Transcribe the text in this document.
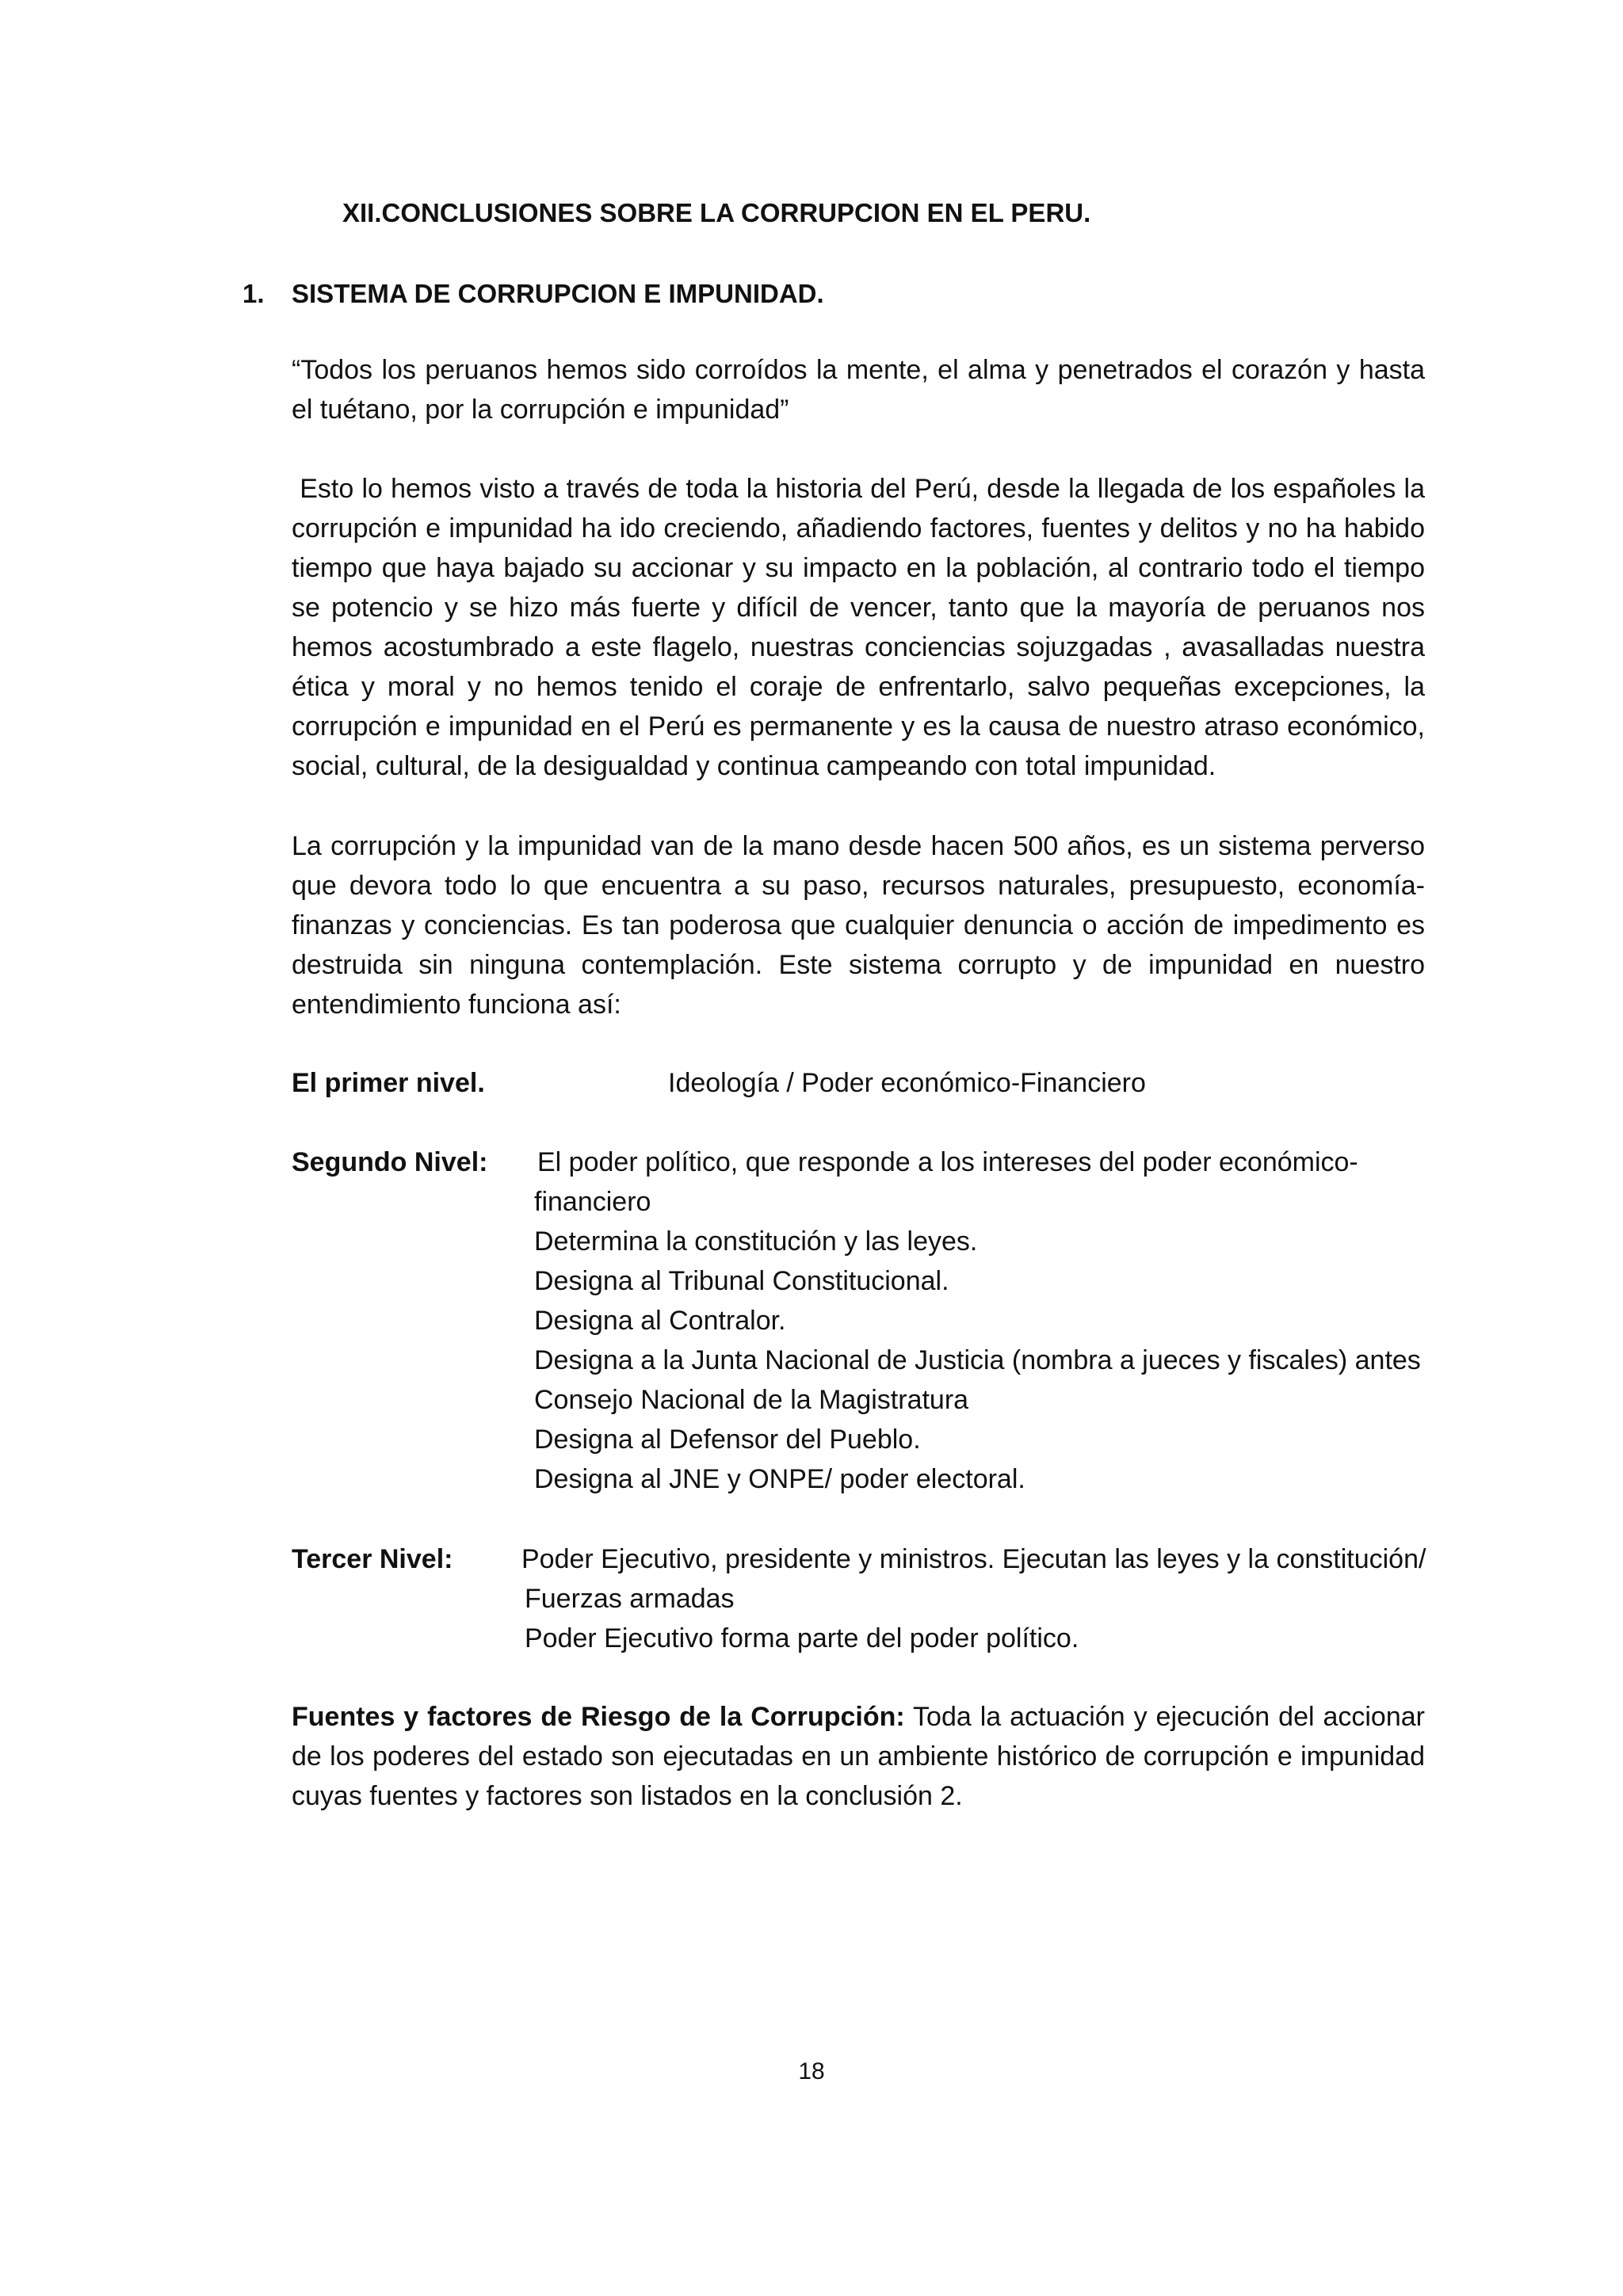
XII.CONCLUSIONES SOBRE LA CORRUPCION EN EL PERU.
1. SISTEMA DE CORRUPCION E IMPUNIDAD.
“Todos los peruanos hemos sido corroídos la mente, el alma y penetrados el corazón y hasta el tuétano, por la corrupción e impunidad”
Esto lo hemos visto a través de toda la historia del Perú, desde la llegada de los españoles la corrupción e impunidad ha ido creciendo, añadiendo factores, fuentes y delitos y no ha habido tiempo que haya bajado su accionar y su impacto en la población, al contrario todo el tiempo se potencio y se hizo más fuerte y difícil de vencer, tanto que la mayoría de peruanos nos hemos acostumbrado a este flagelo, nuestras conciencias sojuzgadas , avasalladas nuestra ética y moral y no hemos tenido el coraje de enfrentarlo, salvo pequeñas excepciones, la corrupción e impunidad en el Perú es permanente y es la causa de nuestro atraso económico, social, cultural, de la desigualdad y continua campeando con total impunidad.
La corrupción y la impunidad van de la mano desde hacen 500 años, es un sistema perverso que devora todo lo que encuentra a su paso, recursos naturales, presupuesto, economía-finanzas y conciencias. Es tan poderosa que cualquier denuncia o acción de impedimento es destruida sin ninguna contemplación. Este sistema corrupto y de impunidad en nuestro entendimiento funciona así:
El primer nivel.	Ideología / Poder económico-Financiero
Segundo Nivel: El poder político, que responde a los intereses del poder económico-
financiero
Determina la constitución y las leyes.
Designa al Tribunal Constitucional.
Designa al Contralor.
Designa a la Junta Nacional de Justicia (nombra a jueces y fiscales) antes
Consejo Nacional de la Magistratura
Designa al Defensor del Pueblo.
Designa al JNE y ONPE/ poder electoral.
Tercer Nivel:	Poder Ejecutivo, presidente y ministros. Ejecutan las leyes y la constitución/
Fuerzas armadas
Poder Ejecutivo forma parte del poder político.
Fuentes y factores de Riesgo de la Corrupción: Toda la actuación y ejecución del accionar de los poderes del estado son ejecutadas en un ambiente histórico de corrupción e impunidad cuyas fuentes y factores son listados en la conclusión 2.
18
